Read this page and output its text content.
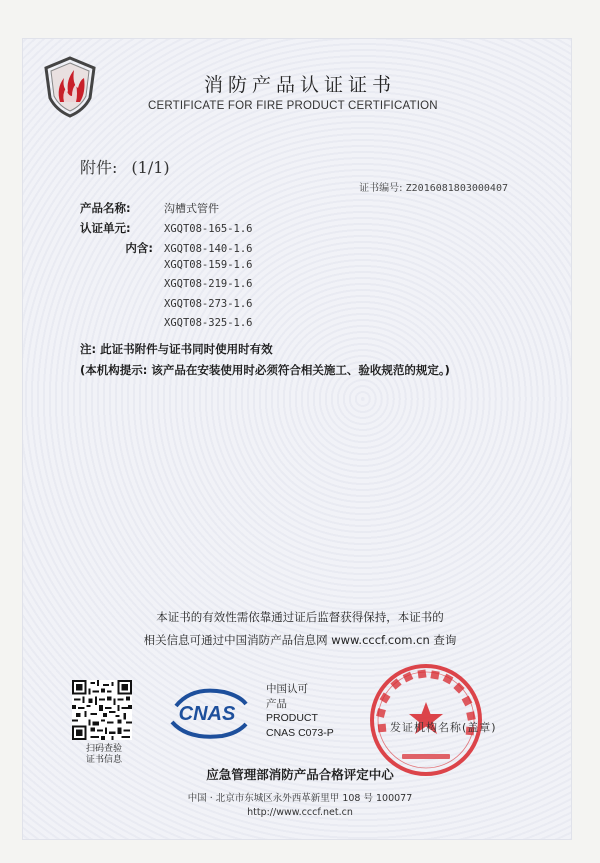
消防产品认证证书
CERTIFICATE FOR FIRE PRODUCT CERTIFICATION
附件: (1/1)
证书编号: Z2016081803000407
产品名称:	沟槽式管件
认证单元:	XGQT08-165-1.6
内含: XGQT08-140-1.6
XGQT08-159-1.6
XGQT08-219-1.6
XGQT08-273-1.6
XGQT08-325-1.6
注: 此证书附件与证书同时使用时有效
(本机构提示: 该产品在安装使用时必须符合相关施工、验收规范的规定。)
本证书的有效性需依靠通过证后监督获得保持，本证书的
相关信息可通过中国消防产品信息网 www.cccf.com.cn 查询
扫码查验
证书信息
CNAS
中国认可
产品
PRODUCT
CNAS C073-P	发证机构名称(盖章)
应急管理部消防产品合格评定中心
中国 · 北京市东城区永外西革新里甲 108 号 100077
http://www.cccf.net.cn
